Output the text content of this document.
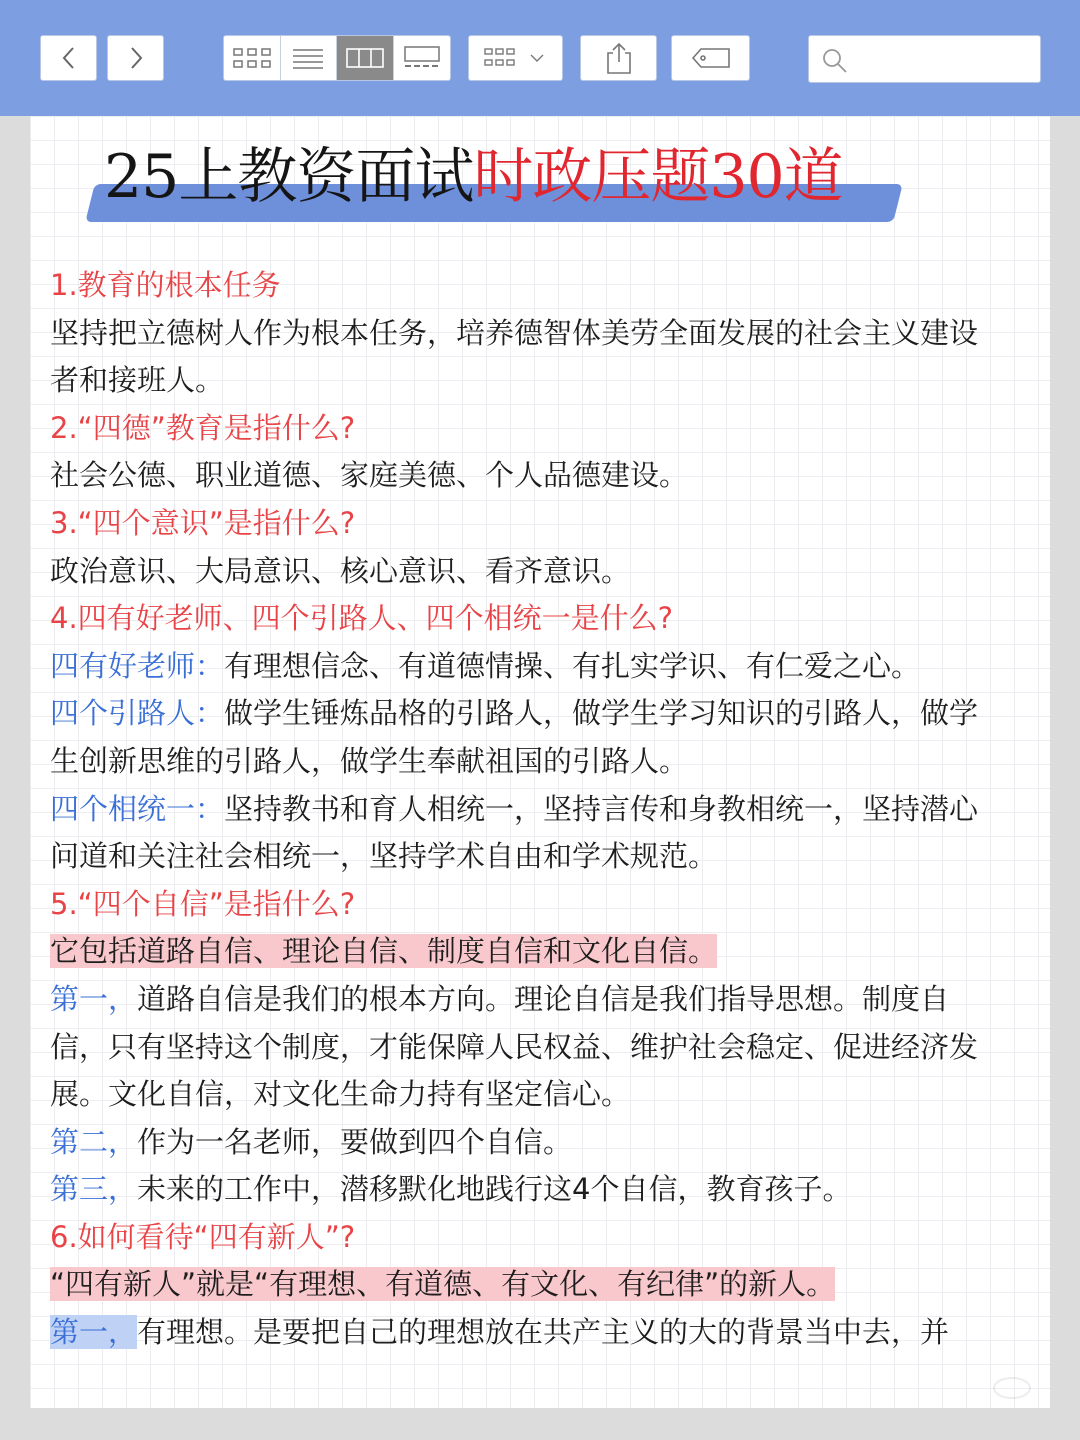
25上教资面试时政压题30道
1.教育的根本任务
坚持把立德树人作为根本任务，培养德智体美劳全面发展的社会主义建设
者和接班人。
2.“四德”教育是指什么?
社会公德、职业道德、家庭美德、个人品德建设。
3.“四个意识”是指什么?
政治意识、大局意识、核心意识、看齐意识。
4.四有好老师、四个引路人、四个相统一是什么?
四有好老师：有理想信念、有道德情操、有扎实学识、有仁爱之心。
四个引路人：做学生锤炼品格的引路人，做学生学习知识的引路人，做学
生创新思维的引路人，做学生奉献祖国的引路人。
四个相统一：坚持教书和育人相统一，坚持言传和身教相统一，坚持潜心
问道和关注社会相统一，坚持学术自由和学术规范。
5.“四个自信”是指什么?
它包括道路自信、理论自信、制度自信和文化自信。
第一，道路自信是我们的根本方向。理论自信是我们指导思想。制度自
信，只有坚持这个制度，才能保障人民权益、维护社会稳定、促进经济发
展。文化自信，对文化生命力持有坚定信心。
第二，作为一名老师，要做到四个自信。
第三，未来的工作中，潜移默化地践行这4个自信，教育孩子。
6.如何看待“四有新人”?
“四有新人”就是“有理想、有道德、有文化、有纪律”的新人。
第一，有理想。是要把自己的理想放在共产主义的大的背景当中去，并
